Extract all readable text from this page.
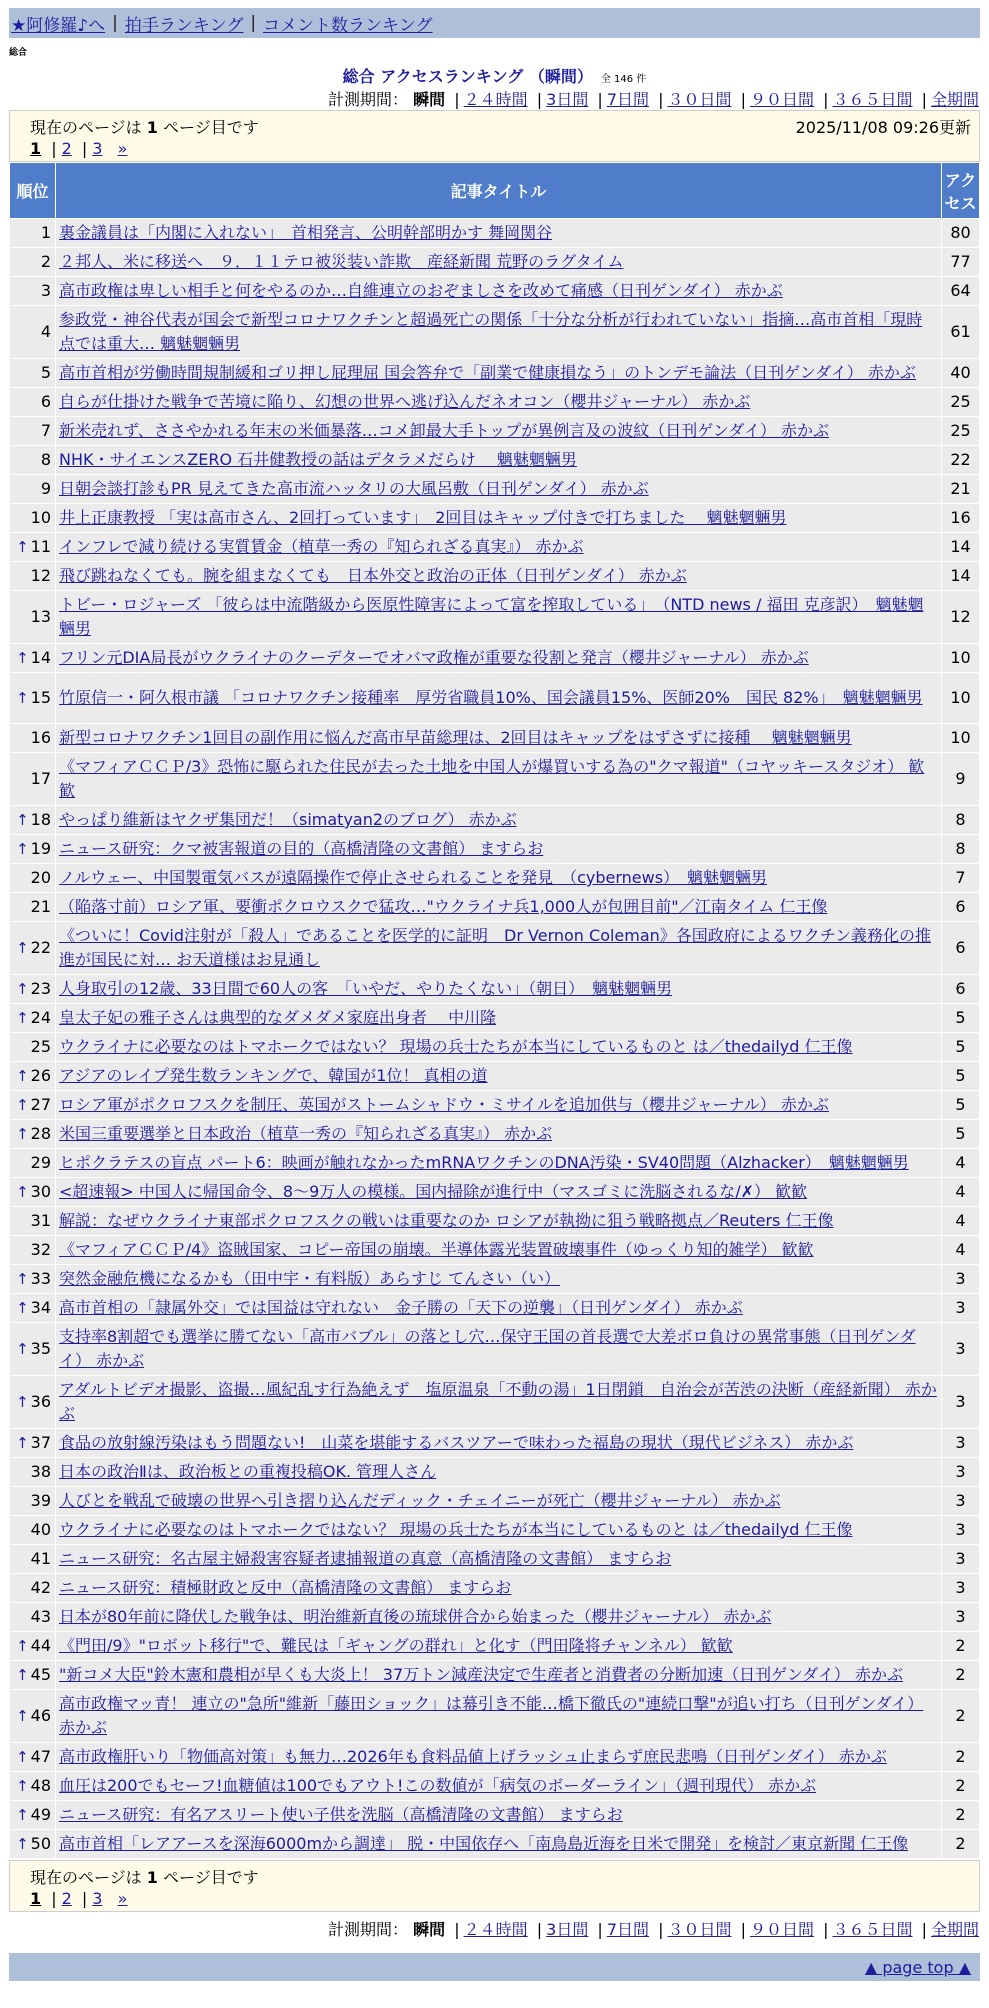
★阿修羅♪へ | 拍手ランキング | コメント数ランキング
総合
総合 アクセスランキング （瞬間） 全 146 件
計測期間： 瞬間 | ２４時間 | 3日間 | 7日間 | ３０日間 | ９０日間 | ３６５日間 | 全期間
現在のページは 1 ページ目です	2025/11/08 09:26更新
1 | 2 | 3 »
順位	記事タイトル	アクセス
1	裏金議員は「内閣に入れない」　首相発言、公明幹部明かす 舞岡関谷	80
2	２邦人、米に移送へ　９．１１テロ被災装い詐欺　産経新聞 荒野のラグタイム	77
3	高市政権は卑しい相手と何をやるのか…自維連立のおぞましさを改めて痛感（日刊ゲンダイ） 赤かぶ	64
4	参政党・神谷代表が国会で新型コロナワクチンと超過死亡の関係「十分な分析が行われていない」指摘…高市首相「現時点では重大… 魑魅魍魎男	61
5	高市首相が労働時間規制緩和ゴリ押し屁理屈 国会答弁で「副業で健康損なう」のトンデモ論法（日刊ゲンダイ） 赤かぶ	40
6	自らが仕掛けた戦争で苦境に陥り、幻想の世界へ逃げ込んだネオコン（櫻井ジャーナル） 赤かぶ	25
7	新米売れず、ささやかれる年末の米価暴落…コメ卸最大手トップが異例言及の波紋（日刊ゲンダイ） 赤かぶ	25
8	NHK・サイエンスZERO 石井健教授の話はデタラメだらけ　 魑魅魍魎男	22
9	日朝会談打診もPR 見えてきた高市流ハッタリの大風呂敷（日刊ゲンダイ） 赤かぶ	21
10	井上正康教授 「実は高市さん、2回打っています」　2回目はキャップ付きで打ちました　 魑魅魍魎男	16
↑ 11	インフレで減り続ける実質賃金（植草一秀の『知られざる真実』） 赤かぶ	14
12	飛び跳ねなくても。腕を組まなくても　日本外交と政治の正体（日刊ゲンダイ） 赤かぶ	14
13	トビー・ロジャーズ 「彼らは中流階級から医原性障害によって富を搾取している」　（NTD news / 福田 克彦訳）　魑魅魍魎男	12
↑ 14	フリン元DIA局長がウクライナのクーデターでオバマ政権が重要な役割と発言（櫻井ジャーナル） 赤かぶ	10
↑ 15	竹原信一・阿久根市議 「コロナワクチン接種率　厚労省職員10%、国会議員15%、医師20%　国民 82%」　魑魅魍魎男	10
16	新型コロナワクチン1回目の副作用に悩んだ高市早苗総理は、2回目はキャップをはずさずに接種　 魑魅魍魎男	10
17	《マフィアＣＣＰ/3》恐怖に駆られた住民が去った土地を中国人が爆買いする為の"クマ報道"（コヤッキースタジオ） 歓歓	9
↑ 18	やっぱり維新はヤクザ集団だ！（simatyan2のブログ） 赤かぶ	8
↑ 19	ニュース研究：クマ被害報道の目的（高橋清隆の文書館） ますらお	8
20	ノルウェー、中国製電気バスが遠隔操作で停止させられることを発見　（cybernews）　魑魅魍魎男	7
21	（陥落寸前）ロシア軍、要衝ポクロウスクで猛攻…"ウクライナ兵1,000人が包囲目前"／江南タイム 仁王像	6
↑ 22	《ついに！Covid注射が「殺人」であることを医学的に証明　Dr Vernon Coleman》各国政府によるワクチン義務化の推進が国民に対… お天道様はお見通し	6
↑ 23	人身取引の12歳、33日間で60人の客　「いやだ、やりたくない」（朝日）　魑魅魍魎男	6
↑ 24	皇太子妃の雅子さんは典型的なダメダメ家庭出身者　 中川隆	5
25	ウクライナに必要なのはトマホークではない？ 現場の兵士たちが本当にしているものと は／thedailyd 仁王像	5
↑ 26	アジアのレイプ発生数ランキングで、韓国が1位！ 真相の道	5
↑ 27	ロシア軍がポクロフスクを制圧、英国がストームシャドウ・ミサイルを追加供与（櫻井ジャーナル） 赤かぶ	5
↑ 28	米国三重要選挙と日本政治（植草一秀の『知られざる真実』） 赤かぶ	5
29	ヒポクラテスの盲点 パート6：映画が触れなかったmRNAワクチンのDNA汚染・SV40問題（Alzhacker）　魑魅魍魎男	4
↑ 30	<超速報> 中国人に帰国命令、8～9万人の模様。国内掃除が進行中（マスゴミに洗脳されるな/✗） 歓歓	4
31	解説：なぜウクライナ東部ポクロフスクの戦いは重要なのか ロシアが執拗に狙う戦略拠点／Reuters 仁王像	4
32	《マフィアＣＣＰ/4》盗賊国家、コピー帝国の崩壊。半導体露光装置破壊事件（ゆっくり知的雑学） 歓歓	4
↑ 33	突然金融危機になるかも（田中宇・有料版）あらすじ てんさい（い）	3
↑ 34	高市首相の「隷属外交」では国益は守れない　金子勝の「天下の逆襲」（日刊ゲンダイ） 赤かぶ	3
↑ 35	支持率8割超でも選挙に勝てない「高市バブル」の落とし穴…保守王国の首長選で大差ボロ負けの異常事態（日刊ゲンダイ） 赤かぶ	3
↑ 36	アダルトビデオ撮影、盗撮…風紀乱す行為絶えず　塩原温泉「不動の湯」1日閉鎖　自治会が苦渋の決断（産経新聞） 赤かぶ	3
↑ 37	食品の放射線汚染はもう問題ない!　山菜を堪能するバスツアーで味わった福島の現状（現代ビジネス） 赤かぶ	3
38	日本の政治Ⅱは、政治板との重複投稿OK. 管理人さん	3
39	人びとを戦乱で破壊の世界へ引き摺り込んだディック・チェイニーが死亡（櫻井ジャーナル） 赤かぶ	3
40	ウクライナに必要なのはトマホークではない？ 現場の兵士たちが本当にしているものと は／thedailyd 仁王像	3
41	ニュース研究：名古屋主婦殺害容疑者逮捕報道の真意（高橋清隆の文書館） ますらお	3
42	ニュース研究：積極財政と反中（高橋清隆の文書館） ますらお	3
43	日本が80年前に降伏した戦争は、明治維新直後の琉球併合から始まった（櫻井ジャーナル） 赤かぶ	3
↑ 44	《門田/9》"ロボット移行"で、難民は「ギャングの群れ」と化す（門田隆将チャンネル） 歓歓	2
↑ 45	"新コメ大臣"鈴木憲和農相が早くも大炎上！ 37万トン減産決定で生産者と消費者の分断加速（日刊ゲンダイ） 赤かぶ	2
↑ 46	高市政権マッ青！ 連立の"急所"維新「藤田ショック」は幕引き不能…橋下徹氏の"連続口撃"が追い打ち（日刊ゲンダイ） 赤かぶ	2
↑ 47	高市政権肝いり「物価高対策」も無力…2026年も食料品値上げラッシュ止まらず庶民悲鳴（日刊ゲンダイ） 赤かぶ	2
↑ 48	血圧は200でもセーフ!血糖値は100でもアウト!この数値が「病気のボーダーライン」（週刊現代） 赤かぶ	2
↑ 49	ニュース研究：有名アスリート使い子供を洗脳（高橋清隆の文書館） ますらお	2
↑ 50	高市首相「レアアースを深海6000mから調達」 脱・中国依存へ「南鳥島近海を日米で開発」を検討／東京新聞 仁王像	2
現在のページは 1 ページ目です
1 | 2 | 3 »
計測期間： 瞬間 | ２４時間 | 3日間 | 7日間 | ３０日間 | ９０日間 | ３６５日間 | 全期間
▲ page top ▲
